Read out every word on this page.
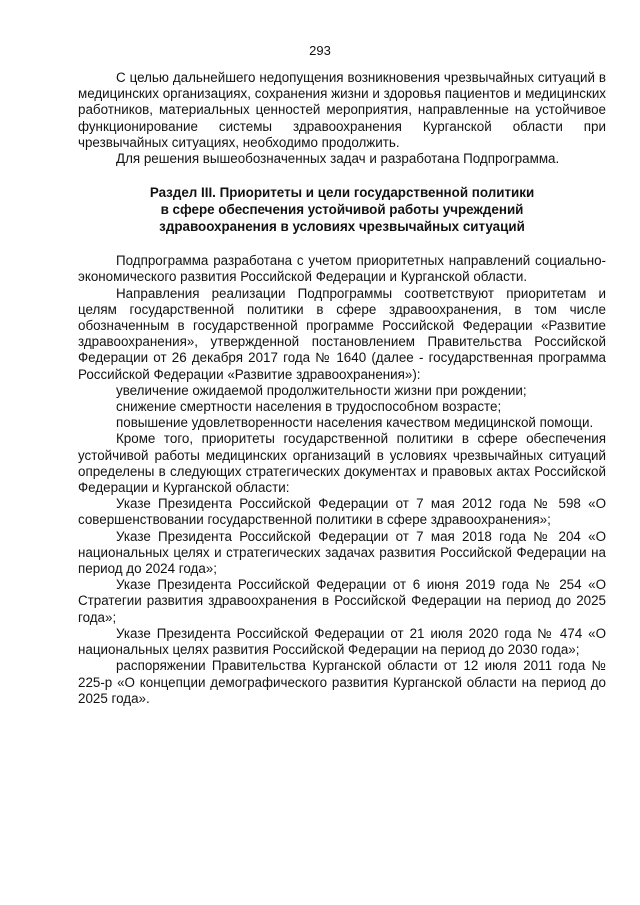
293

С целью дальнейшего недопущения возникновения чрезвычайных ситуаций в медицинских организациях, сохранения жизни и здоровья пациентов и медицинских работников, материальных ценностей мероприятия, направленные на устойчивое функционирование системы здравоохранения Курганской области при чрезвычайных ситуациях, необходимо продолжить.

Для решения вышеобозначенных задач и разработана Подпрограмма.

Раздел III. Приоритеты и цели государственной политики
в сфере обеспечения устойчивой работы учреждений
здравоохранения в условиях чрезвычайных ситуаций

Подпрограмма разработана с учетом приоритетных направлений социально- экономического развития Российской Федерации и Курганской области.

Направления реализации Подпрограммы соответствуют приоритетам и целям государственной политики в сфере здравоохранения, в том числе обозначенным в государственной программе Российской Федерации «Развитие здравоохранения», утвержденной постановлением Правительства Российской Федерации от 26 декабря 2017 года № 1640 (далее - государственная программа Российской Федерации «Развитие здравоохранения»):

увеличение ожидаемой продолжительности жизни при рождении;

снижение смертности населения в трудоспособном возрасте;

повышение удовлетворенности населения качеством медицинской помощи.

Кроме того, приоритеты государственной политики в сфере обеспечения устойчивой работы медицинских организаций в условиях чрезвычайных ситуаций определены в следующих стратегических документах и правовых актах Российской Федерации и Курганской области:

Указе Президента Российской Федерации от 7 мая 2012 года № 598 «О совершенствовании государственной политики в сфере здравоохранения»;

Указе Президента Российской Федерации от 7 мая 2018 года № 204 «О национальных целях и стратегических задачах развития Российской Федерации на период до 2024 года»;

Указе Президента Российской Федерации от 6 июня 2019 года № 254 «О Стратегии развития здравоохранения в Российской Федерации на период до 2025 года»;

Указе Президента Российской Федерации от 21 июля 2020 года № 474 «О национальных целях развития Российской Федерации на период до 2030 года»;

распоряжении Правительства Курганской области от 12 июля 2011 года № 225-р «О концепции демографического развития Курганской области на период до 2025 года».
